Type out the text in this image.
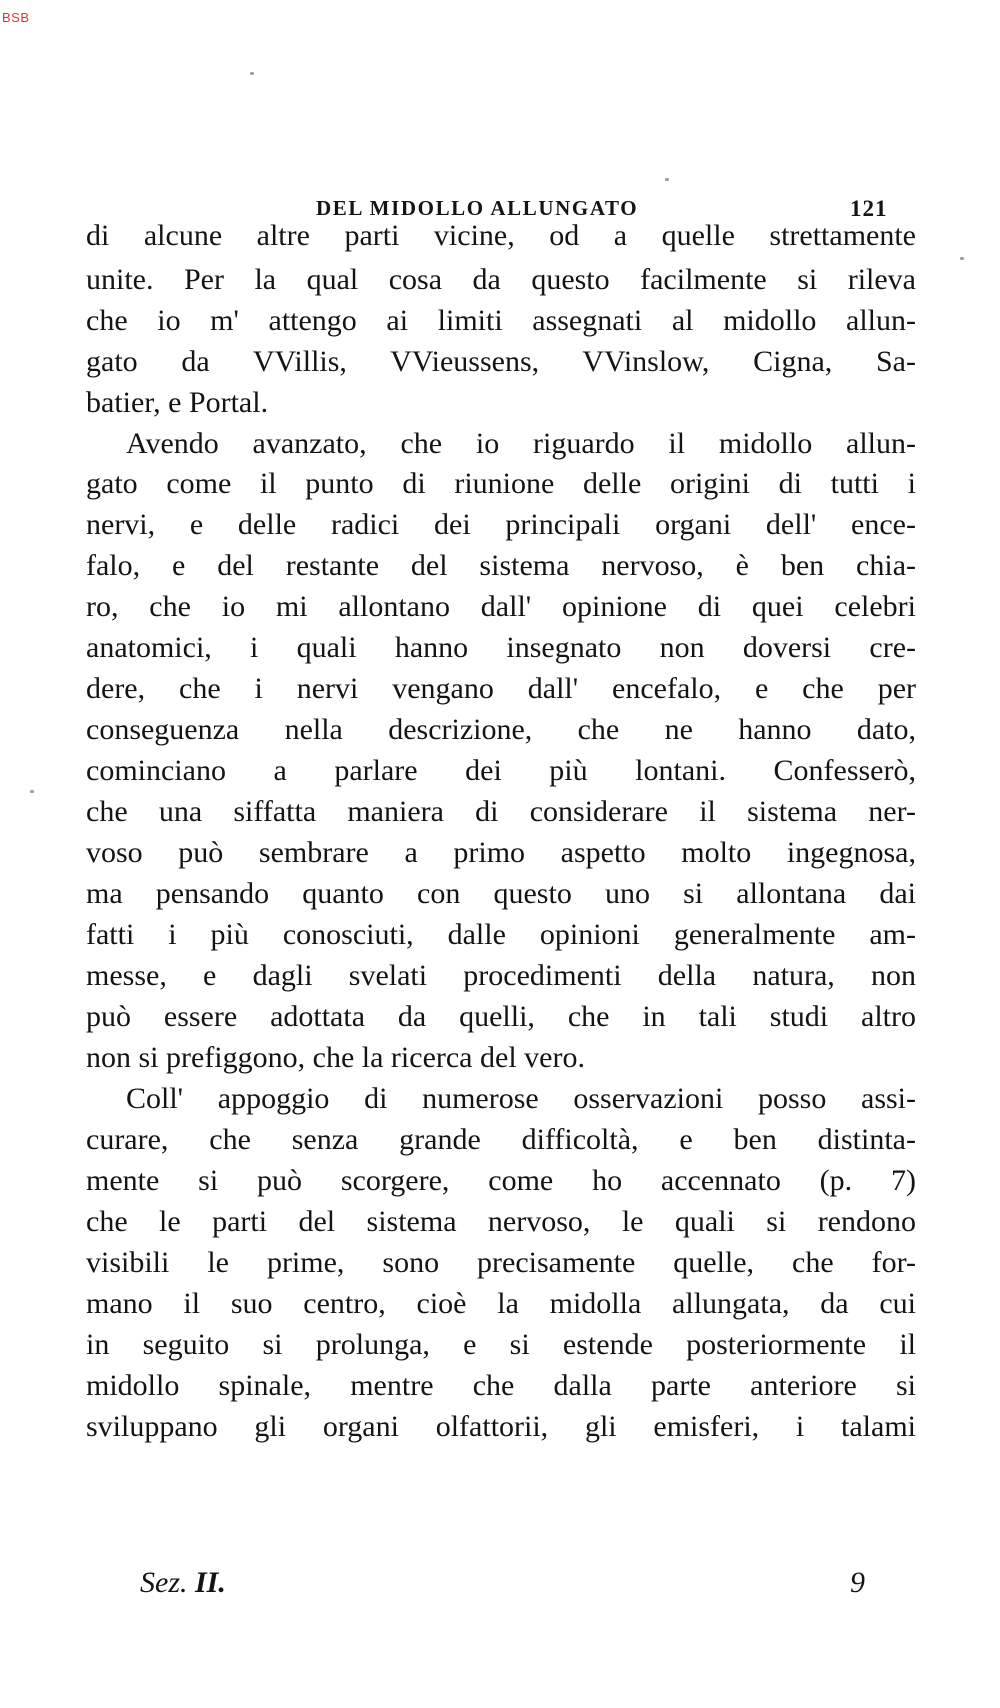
BSB
DEL MIDOLLO ALLUNGATO	121
di alcune altre parti vicine, od a quelle strettamente
unite. Per la qual cosa da questo facilmente si rileva
che io m' attengo ai limiti assegnati al midollo allun-
gato da VVillis, VVieussens, VVinslow, Cigna, Sa-
batier, e Portal.
Avendo avanzato, che io riguardo il midollo allun-
gato come il punto di riunione delle origini di tutti i
nervi, e delle radici dei principali organi dell' ence-
falo, e del restante del sistema nervoso, è ben chia-
ro, che io mi allontano dall' opinione di quei celebri
anatomici, i quali hanno insegnato non doversi cre-
dere, che i nervi vengano dall' encefalo, e che per
conseguenza nella descrizione, che ne hanno dato,
cominciano a parlare dei più lontani. Confesserò,
che una siffatta maniera di considerare il sistema ner-
voso può sembrare a primo aspetto molto ingegnosa,
ma pensando quanto con questo uno si allontana dai
fatti i più conosciuti, dalle opinioni generalmente am-
messe, e dagli svelati procedimenti della natura, non
può essere adottata da quelli, che in tali studi altro
non si prefiggono, che la ricerca del vero.
Coll' appoggio di numerose osservazioni posso assi-
curare, che senza grande difficoltà, e ben distinta-
mente si può scorgere, come ho accennato (p. 7)
che le parti del sistema nervoso, le quali si rendono
visibili le prime, sono precisamente quelle, che for-
mano il suo centro, cioè la midolla allungata, da cui
in seguito si prolunga, e si estende posteriormente il
midollo spinale, mentre che dalla parte anteriore si
sviluppano gli organi olfattorii, gli emisferi, i talami
Sez. II.	9
